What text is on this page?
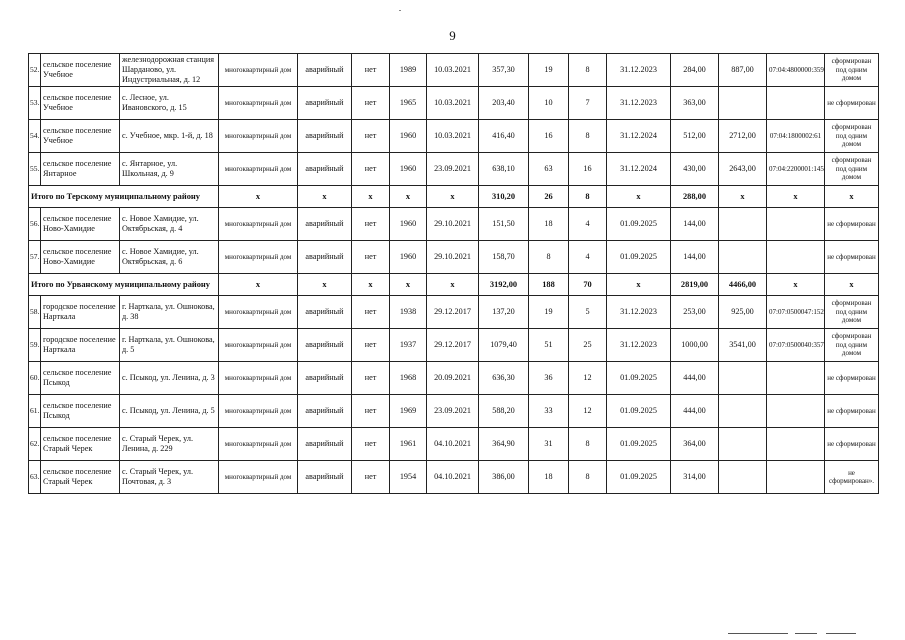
9
52.	сельское поселение Учебное	железнодорожная станция Шарданово, ул. Индустриальная, д. 12	многоквартирный дом	аварийный	нет	1989	10.03.2021	357,30	19	8	31.12.2023	284,00	887,00	07:04:4800000:359	сформирован под одним домом
53.	сельское поселение Учебное	с. Лесное, ул. Ивановского, д. 15	многоквартирный дом	аварийный	нет	1965	10.03.2021	203,40	10	7	31.12.2023	363,00			не сформирован
54.	сельское поселение Учебное	с. Учебное, мкр. 1-й, д. 18	многоквартирный дом	аварийный	нет	1960	10.03.2021	416,40	16	8	31.12.2024	512,00	2712,00	07:04:1800002:61	сформирован под одним домом
55.	сельское поселение Янтарное	с. Янтарное, ул. Школьная, д. 9	многоквартирный дом	аварийный	нет	1960	23.09.2021	638,10	63	16	31.12.2024	430,00	2643,00	07:04:2200001:145	сформирован под одним домом
Итого по Терскому муниципальному району			x	x	x	x	x	310,20	26	8	x	288,00	x	x	x
56.	сельское поселение Ново-Хамидие	с. Новое Хамидие, ул. Октябрьская, д. 4	многоквартирный дом	аварийный	нет	1960	29.10.2021	151,50	18	4	01.09.2025	144,00			не сформирован
57.	сельское поселение Ново-Хамидие	с. Новое Хамидие, ул. Октябрьская, д. 6	многоквартирный дом	аварийный	нет	1960	29.10.2021	158,70	8	4	01.09.2025	144,00			не сформирован
Итого по Урванскому муниципальному району			x	x	x	x	x	3192,00	188	70	x	2819,00	4466,00	x	x
58.	городское поселение Нарткала	г. Нарткала, ул. Ошнокова, д. 38	многоквартирный дом	аварийный	нет	1938	29.12.2017	137,20	19	5	31.12.2023	253,00	925,00	07:07:0500047:152	сформирован под одним домом
59.	городское поселение Нарткала	г. Нарткала, ул. Ошнокова, д. 5	многоквартирный дом	аварийный	нет	1937	29.12.2017	1079,40	51	25	31.12.2023	1000,00	3541,00	07:07:0500040:357	сформирован под одним домом
60.	сельское поселение Псыкод	с. Псыкод, ул. Ленина, д. 3	многоквартирный дом	аварийный	нет	1968	20.09.2021	636,30	36	12	01.09.2025	444,00			не сформирован
61.	сельское поселение Псыкод	с. Псыкод, ул. Ленина, д. 5	многоквартирный дом	аварийный	нет	1969	23.09.2021	588,20	33	12	01.09.2025	444,00			не сформирован
62.	сельское поселение Старый Черек	с. Старый Черек, ул. Ленина, д. 229	многоквартирный дом	аварийный	нет	1961	04.10.2021	364,90	31	8	01.09.2025	364,00			не сформирован
63.	сельское поселение Старый Черек	с. Старый Черек, ул. Почтовая, д. 3	многоквартирный дом	аварийный	нет	1954	04.10.2021	386,00	18	8	01.09.2025	314,00			не сформирован».
